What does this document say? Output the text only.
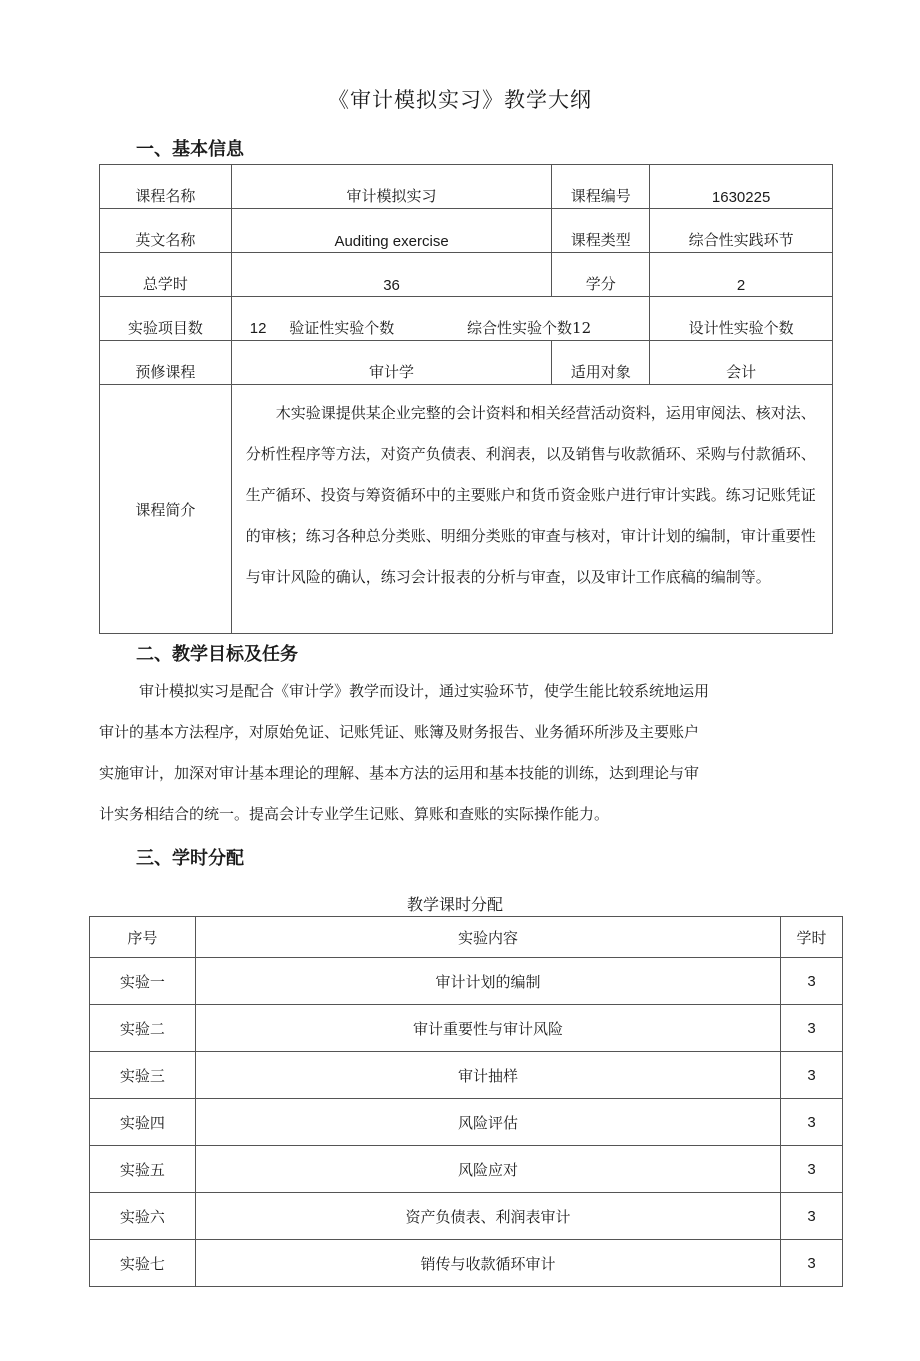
《审计模拟实习》教学大纲
一、基本信息
课程名称	审计模拟实习	课程编号	1630225
英文名称	Auditing exercise	课程类型	综合性实践环节
总学时	36	学分	2
实验项目数	12 验证性实验个数 综合性实验个数12		设计性实验个数
预修课程	审计学	适用对象	会计
课程简介	木实验课提供某企业完整的会计资料和相关经营活动资料，运用审阅法、核对法、分析性程序等方法，对资产负债表、利润表，以及销售与收款循环、采购与付款循环、生产循环、投资与筹资循环中的主要账户和货币资金账户进行审计实践。练习记账凭证的审核；练习各种总分类账、明细分类账的审查与核对，审计计划的编制，审计重要性与审计风险的确认，练习会计报表的分析与审查，以及审计工作底稿的编制等。		
二、教学目标及任务
审计模拟实习是配合《审计学》教学而设计，通过实验环节，使学生能比较系统地运用
审计的基本方法程序，对原始免证、记账凭证、账簿及财务报告、业务循环所涉及主要账户
实施审计，加深对审计基本理论的理解、基本方法的运用和基本技能的训练，达到理论与审
计实务相结合的统一。提高会计专业学生记账、算账和查账的实际操作能力。
三、学时分配
教学课时分配
序号	实验内容	学时
实验一	审计计划的编制	3
实验二	审计重要性与审计风险	3
实验三	审计抽样	3
实验四	风险评估	3
实验五	风险应对	3
实验六	资产负债表、利润表审计	3
实验七	销传与收款循环审计	3
